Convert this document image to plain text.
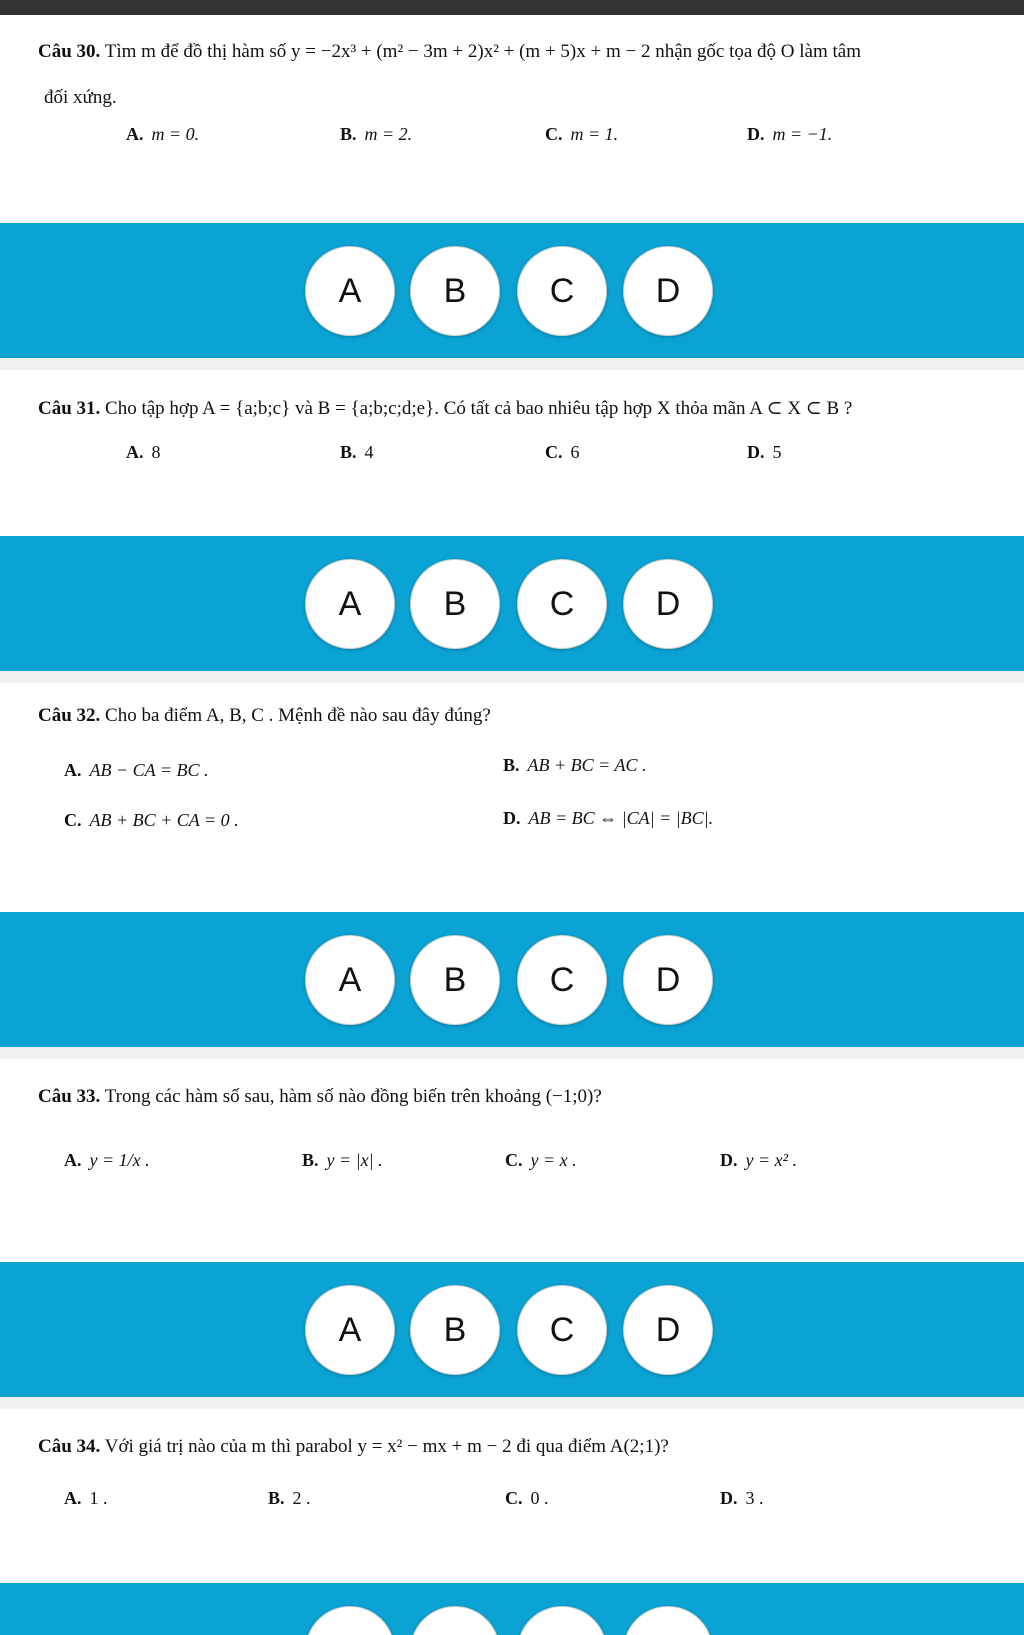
Câu 30. Tìm m để đồ thị hàm số y = −2x³ + (m² − 3m + 2)x² + (m + 5)x + m − 2 nhận gốc tọa độ O làm tâm
đối xứng.
A. m = 0.	B. m = 2.	C. m = 1.	D. m = −1.
A	B	C	D
Câu 31. Cho tập hợp A = {a;b;c} và B = {a;b;c;d;e}. Có tất cả bao nhiêu tập hợp X thỏa mãn A ⊂ X ⊂ B ?
A. 8	B. 4	C. 6	D. 5
A	B	C	D
Câu 32. Cho ba điểm A, B, C . Mệnh đề nào sau đây đúng?
A. AB − CA = BC .	B. AB + BC = AC .
C. AB + BC + CA = 0 .	D. AB = BC ⇔ |CA| = |BC|.
A	B	C	D
Câu 33. Trong các hàm số sau, hàm số nào đồng biến trên khoảng (−1;0)?
A. y = 1/x .	B. y = |x| .	C. y = x .	D. y = x² .
A	B	C	D
Câu 34. Với giá trị nào của m thì parabol y = x² − mx + m − 2 đi qua điểm A(2;1)?
A. 1 .	B. 2 .	C. 0 .	D. 3 .
